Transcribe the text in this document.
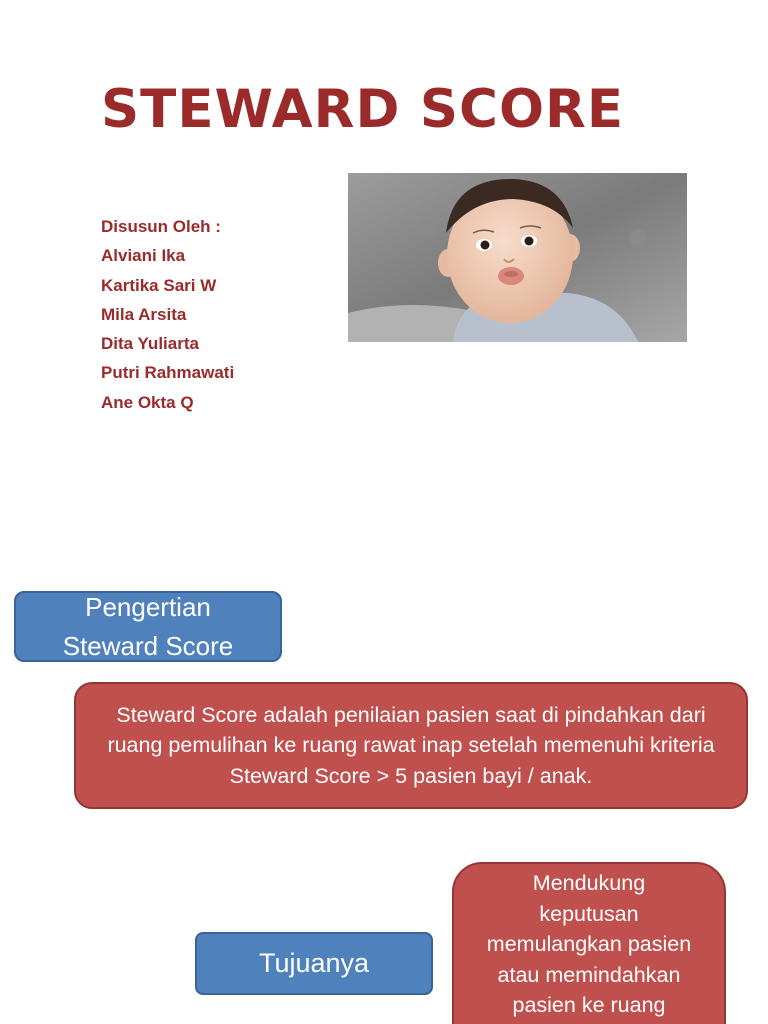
STEWARD SCORE
Disusun Oleh :
Alviani Ika
Kartika Sari W
Mila Arsita
Dita Yuliarta
Putri Rahmawati
Ane Okta Q
Pengertian
Steward Score
Steward Score adalah penilaian pasien saat di pindahkan dari ruang pemulihan ke ruang rawat inap setelah memenuhi kriteria Steward Score > 5 pasien bayi / anak.
Tujuanya
Mendukung
keputusan
memulangkan pasien
atau memindahkan
pasien ke ruang
